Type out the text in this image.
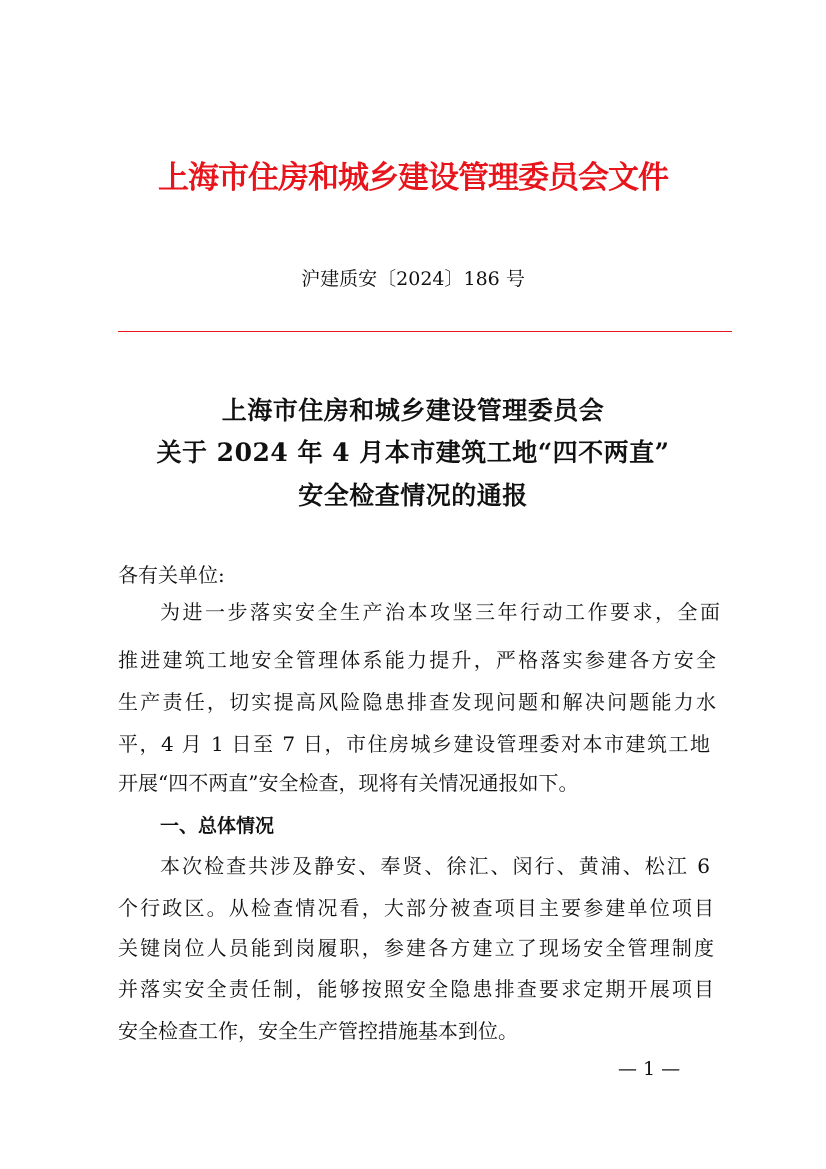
上海市住房和城乡建设管理委员会文件
沪建质安〔2024〕186 号
上海市住房和城乡建设管理委员会
关于 2024 年 4 月本市建筑工地“四不两直”
安全检查情况的通报
各有关单位:
为进一步落实安全生产治本攻坚三年行动工作要求，全面
推进建筑工地安全管理体系能力提升，严格落实参建各方安全
生产责任，切实提高风险隐患排查发现问题和解决问题能力水
平，4 月 1 日至 7 日，市住房城乡建设管理委对本市建筑工地
开展“四不两直”安全检查，现将有关情况通报如下。
一、总体情况
本次检查共涉及静安、奉贤、徐汇、闵行、黄浦、松江 6
个行政区。从检查情况看，大部分被查项目主要参建单位项目
关键岗位人员能到岗履职，参建各方建立了现场安全管理制度
并落实安全责任制，能够按照安全隐患排查要求定期开展项目
安全检查工作，安全生产管控措施基本到位。
— 1 —
